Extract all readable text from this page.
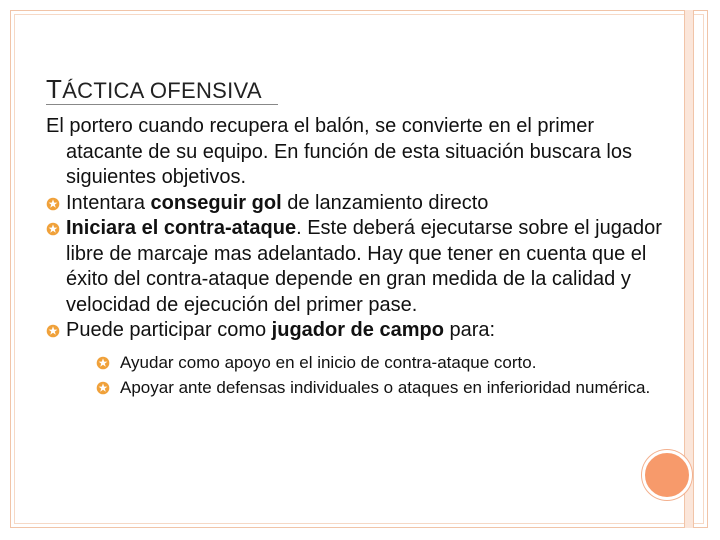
TÁCTICA OFENSIVA

El portero cuando recupera el balón, se convierte en el primer atacante de su equipo. En función de esta situación buscara los siguientes objetivos.

Intentara conseguir gol de lanzamiento directo

Iniciara el contra-ataque. Este deberá ejecutarse sobre el jugador libre de marcaje mas adelantado. Hay que tener en cuenta que el éxito del contra-ataque depende en gran medida de la calidad y velocidad de ejecución del primer pase.

Puede participar como jugador de campo para:

Ayudar como apoyo en el inicio de contra-ataque corto.

Apoyar ante defensas individuales o ataques en inferioridad numérica.
